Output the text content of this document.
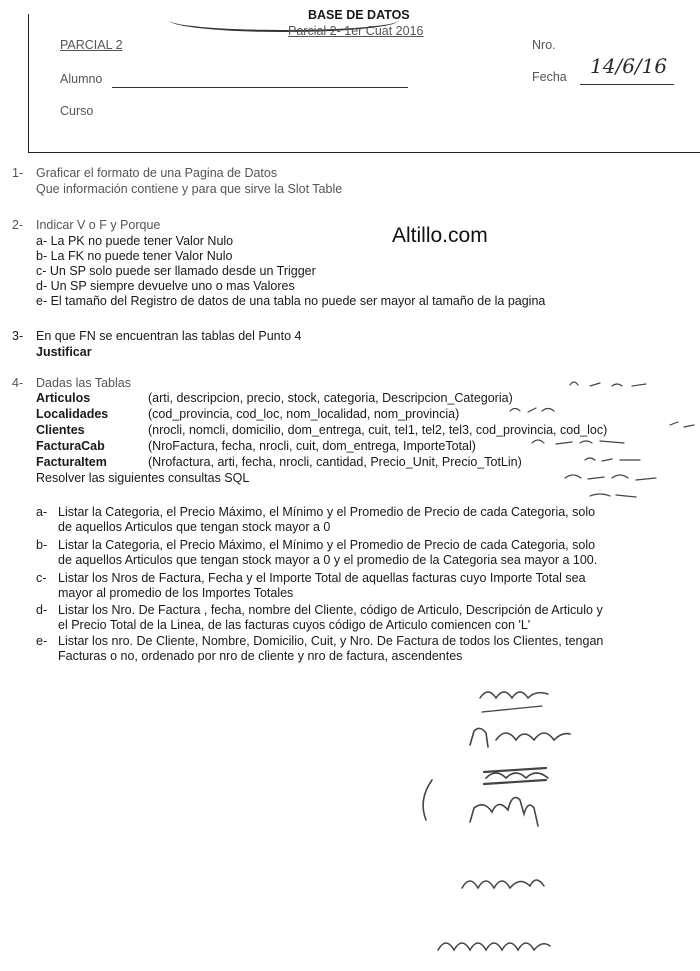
BASE DE DATOS
Parcial 2- 1er Cuat 2016
PARCIAL 2	Nro.
Alumno	Fecha 14/6/16
Curso
Altillo.com
1- Graficar el formato de una Pagina de Datos
Que información contiene y para que sirve la Slot Table
2- Indicar V o F y Porque
a- La PK no puede tener Valor Nulo
b- La FK no puede tener Valor Nulo
c- Un SP solo puede ser llamado desde un Trigger
d- Un SP siempre devuelve uno o mas Valores
e- El tamaño del Registro de datos de una tabla no puede ser mayor al tamaño de la pagina
3- En que FN se encuentran las tablas del Punto 4
Justificar
4- Dadas las Tablas
Articulos	(arti, descripcion, precio, stock, categoria, Descripcion_Categoria)
Localidades	(cod_provincia, cod_loc, nom_localidad, nom_provincia)
Clientes	(nrocli, nomcli, domicilio, dom_entrega, cuit, tel1, tel2, tel3, cod_provincia, cod_loc)
FacturaCab	(NroFactura, fecha, nrocli, cuit, dom_entrega, ImporteTotal)
FacturaItem	(Nrofactura, arti, fecha, nrocli, cantidad, Precio_Unit, Precio_TotLin)
Resolver las siguientes consultas SQL
a- Listar la Categoria, el Precio Máximo, el Mínimo y el Promedio de Precio de cada Categoria, solo
de aquellos Articulos que tengan stock mayor a 0
b- Listar la Categoria, el Precio Máximo, el Mínimo y el Promedio de Precio de cada Categoria, solo
de aquellos Articulos que tengan stock mayor a 0 y el promedio de la Categoria sea mayor a 100.
c- Listar los Nros de Factura, Fecha y el Importe Total de aquellas facturas cuyo Importe Total sea
mayor al promedio de los Importes Totales
d- Listar los Nro. De Factura , fecha, nombre del Cliente, código de Articulo, Descripción de Articulo y
el Precio Total de la Linea, de las facturas cuyos código de Articulo comiencen con 'L'
e- Listar los nro. De Cliente, Nombre, Domicilio, Cuit, y Nro. De Factura de todos los Clientes, tengan
Facturas o no, ordenado por nro de cliente y nro de factura, ascendentes
